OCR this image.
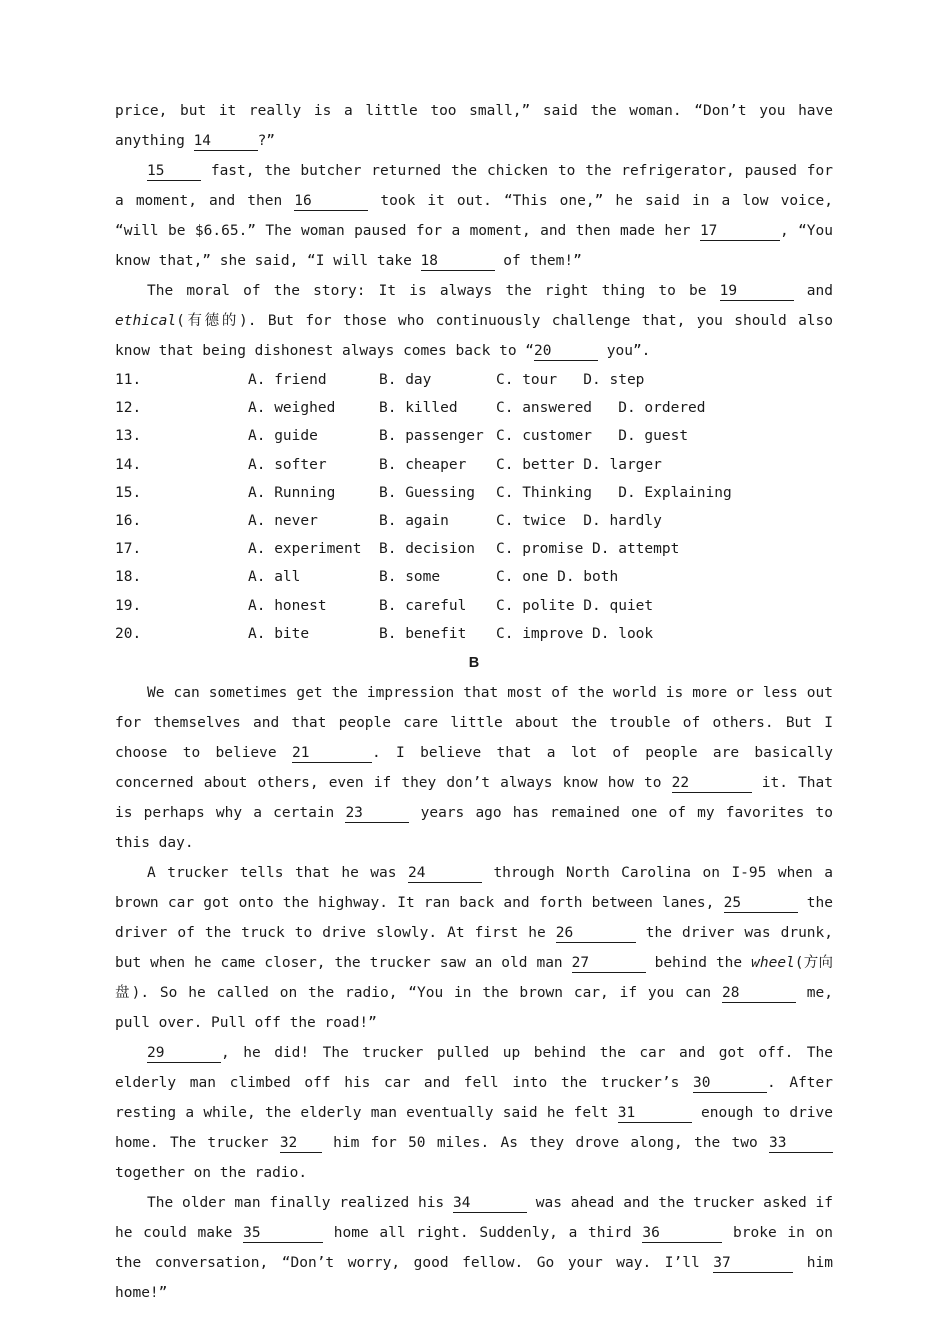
price, but it really is a little too small,” said the woman. “Don’t you have anything 14	?”

15	fast, the butcher returned the chicken to the refrigerator, paused for a moment, and then 16	took it out. “This one,” he said in a low voice, “will be $6.65.” The woman paused for a moment, and then made her 17	, “You know that,” she said, “I will take 18	of them!”

The moral of the story: It is always the right thing to be 19	and ethical(有德的). But for those who continuously challenge that, you should also know that being dishonest always comes back to “20	you”.

11.	A. friend	B. day	C. tour   D. step
12.	A. weighed	B. killed	C. answered   D. ordered
13.	A. guide	B. passenger C. customer   D. guest
14.	A. softer	B. cheaper C. better D. larger
15.	A. Running	B. Guessing C. Thinking   D. Explaining
16.	A. never	B. again	C. twice  D. hardly
17.	A. experiment B. decision C. promise D. attempt
18.	A. all	B. some	C. one D. both
19.	A. honest	B. careful C. polite D. quiet
20.	A. bite	B. benefit C. improve D. look
B

We can sometimes get the impression that most of the world is more or less out for themselves and that people care little about the trouble of others. But I choose to believe 21	. I believe that a lot of people are basically concerned about others, even if they don’t always know how to 22	it. That is perhaps why a certain 23	years ago has remained one of my favorites to this day.

A trucker tells that he was 24	through North Carolina on I-95 when a brown car got onto the highway. It ran back and forth between lanes, 25	the driver of the truck to drive slowly. At first he 26	the driver was drunk, but when he came closer, the trucker saw an old man 27	behind the wheel(方向盘). So he called on the radio, “You in the brown car, if you can 28	me, pull over. Pull off the road!”

29	, he did! The trucker pulled up behind the car and got off. The elderly man climbed off his car and fell into the trucker’s 30	. After resting a while, the elderly man eventually said he felt 31	enough to drive home. The trucker 32 him for 50 miles. As they drove along, the two 33 together on the radio.

The older man finally realized his 34	was ahead and the trucker asked if he could make 35	home all right. Suddenly, a third 36	broke in on the conversation, “Don’t worry, good fellow. Go your way. I’ll 37	him home!”
